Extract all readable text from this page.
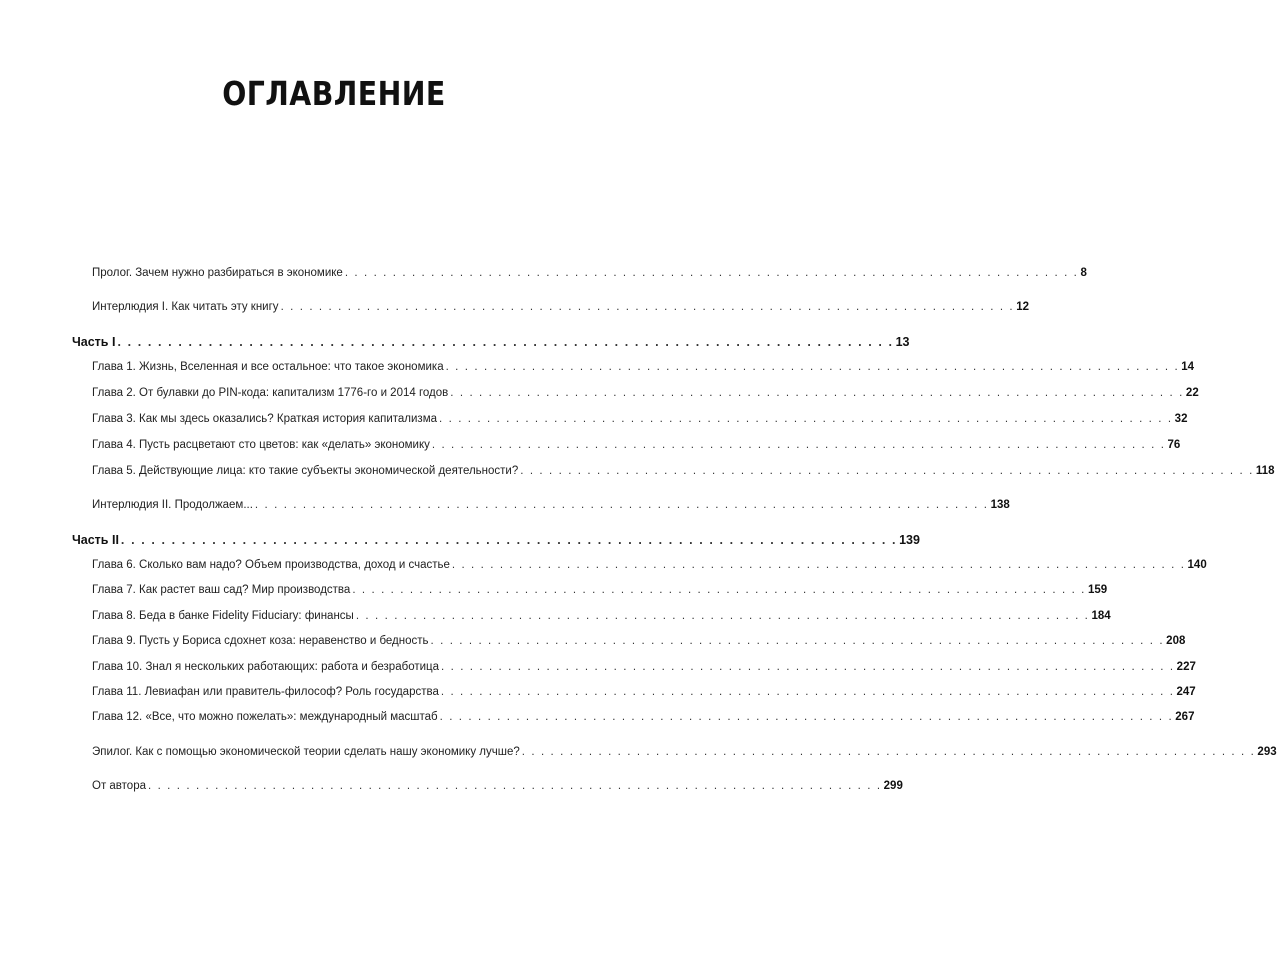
ОГЛАВЛЕНИЕ
Пролог. Зачем нужно разбираться в экономике . . . . . . . . . . . . . . . . . . . . . . . . . . . . . . . . . . . . . . . . . . . . . . . . . . . . . . . . . . . . . . . . . . . . . . . . . . . . . 8
Интерлюдия I. Как читать эту книгу . . . . . . . . . . . . . . . . . . . . . . . . . . . . . . . . . . . . . . . . . . . . . . . . . . . . . . . . . . . . . . . . . . . . . . . . . . . . . 12
Часть I . . . . . . . . . . . . . . . . . . . . . . . . . . . . . . . . . . . . . . . . . . . . . . . . . . . . . . . . . . . . . . . . . . . . . . . . . . . . . 13
Глава 1. Жизнь, Вселенная и все остальное: что такое экономика . . . . . . . . . . . . . . . . . . . . . . . . . . . . . . . . . . . . . . . . . . . . . . . . . . . . . . . . . . . . . . . . . . . . . . . . . . . . . 14
Глава 2. От булавки до PIN-кода: капитализм 1776-го и 2014 годов . . . . . . . . . . . . . . . . . . . . . . . . . . . . . . . . . . . . . . . . . . . . . . . . . . . . . . . . . . . . . . . . . . . . . . . . . . . . . 22
Глава 3. Как мы здесь оказались? Краткая история капитализма . . . . . . . . . . . . . . . . . . . . . . . . . . . . . . . . . . . . . . . . . . . . . . . . . . . . . . . . . . . . . . . . . . . . . . . . . . . . . 32
Глава 4. Пусть расцветают сто цветов: как «делать» экономику . . . . . . . . . . . . . . . . . . . . . . . . . . . . . . . . . . . . . . . . . . . . . . . . . . . . . . . . . . . . . . . . . . . . . . . . . . . . . 76
Глава 5. Действующие лица: кто такие субъекты экономической деятельности? . . . . . . . . . . . . . . . . . . . . . . . . . . . . . . . . . . . . . . . . . . . . . . . . . . . . . . . . . . . . . . . . . . . . . . . . . . . . . 118
Интерлюдия II. Продолжаем... . . . . . . . . . . . . . . . . . . . . . . . . . . . . . . . . . . . . . . . . . . . . . . . . . . . . . . . . . . . . . . . . . . . . . . . . . . . . . 138
Часть II . . . . . . . . . . . . . . . . . . . . . . . . . . . . . . . . . . . . . . . . . . . . . . . . . . . . . . . . . . . . . . . . . . . . . . . . . . . . . 139
Глава 6. Сколько вам надо? Объем производства, доход и счастье . . . . . . . . . . . . . . . . . . . . . . . . . . . . . . . . . . . . . . . . . . . . . . . . . . . . . . . . . . . . . . . . . . . . . . . . . . . . . 140
Глава 7. Как растет ваш сад? Мир производства . . . . . . . . . . . . . . . . . . . . . . . . . . . . . . . . . . . . . . . . . . . . . . . . . . . . . . . . . . . . . . . . . . . . . . . . . . . . . 159
Глава 8. Беда в банке Fidelity Fiduciary: финансы . . . . . . . . . . . . . . . . . . . . . . . . . . . . . . . . . . . . . . . . . . . . . . . . . . . . . . . . . . . . . . . . . . . . . . . . . . . . . 184
Глава 9. Пусть у Бориса сдохнет коза: неравенство и бедность . . . . . . . . . . . . . . . . . . . . . . . . . . . . . . . . . . . . . . . . . . . . . . . . . . . . . . . . . . . . . . . . . . . . . . . . . . . . . 208
Глава 10. Знал я нескольких работающих: работа и безработица . . . . . . . . . . . . . . . . . . . . . . . . . . . . . . . . . . . . . . . . . . . . . . . . . . . . . . . . . . . . . . . . . . . . . . . . . . . . . 227
Глава 11. Левиафан или правитель-философ? Роль государства . . . . . . . . . . . . . . . . . . . . . . . . . . . . . . . . . . . . . . . . . . . . . . . . . . . . . . . . . . . . . . . . . . . . . . . . . . . . . 247
Глава 12. «Все, что можно пожелать»: международный масштаб . . . . . . . . . . . . . . . . . . . . . . . . . . . . . . . . . . . . . . . . . . . . . . . . . . . . . . . . . . . . . . . . . . . . . . . . . . . . . 267
Эпилог. Как с помощью экономической теории сделать нашу экономику лучше? . . . . . . . . . . . . . . . . . . . . . . . . . . . . . . . . . . . . . . . . . . . . . . . . . . . . . . . . . . . . . . . . . . . . . . . . . . . . . 293
От автора . . . . . . . . . . . . . . . . . . . . . . . . . . . . . . . . . . . . . . . . . . . . . . . . . . . . . . . . . . . . . . . . . . . . . . . . . . . . . 299
